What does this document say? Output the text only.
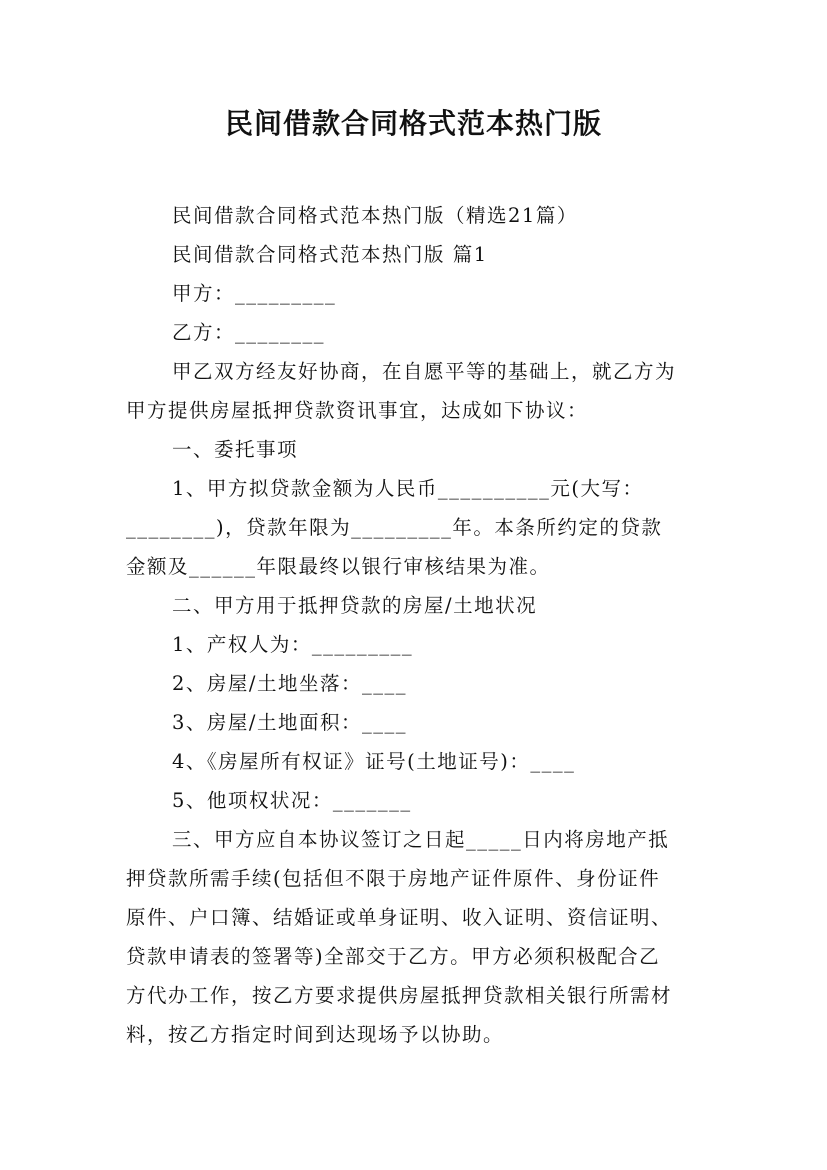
民间借款合同格式范本热门版
民间借款合同格式范本热门版（精选21篇）
民间借款合同格式范本热门版 篇1
甲方：_________
乙方：________
甲乙双方经友好协商，在自愿平等的基础上，就乙方为
甲方提供房屋抵押贷款资讯事宜，达成如下协议：
一、委托事项
1、甲方拟贷款金额为人民币__________元(大写：
________)，贷款年限为_________年。本条所约定的贷款
金额及______年限最终以银行审核结果为准。
二、甲方用于抵押贷款的房屋/土地状况
1、产权人为：_________
2、房屋/土地坐落：____
3、房屋/土地面积：____
4、《房屋所有权证》证号(土地证号)：____
5、他项权状况：_______
三、甲方应自本协议签订之日起_____日内将房地产抵
押贷款所需手续(包括但不限于房地产证件原件、身份证件
原件、户口簿、结婚证或单身证明、收入证明、资信证明、
贷款申请表的签署等)全部交于乙方。甲方必须积极配合乙
方代办工作，按乙方要求提供房屋抵押贷款相关银行所需材
料，按乙方指定时间到达现场予以协助。
